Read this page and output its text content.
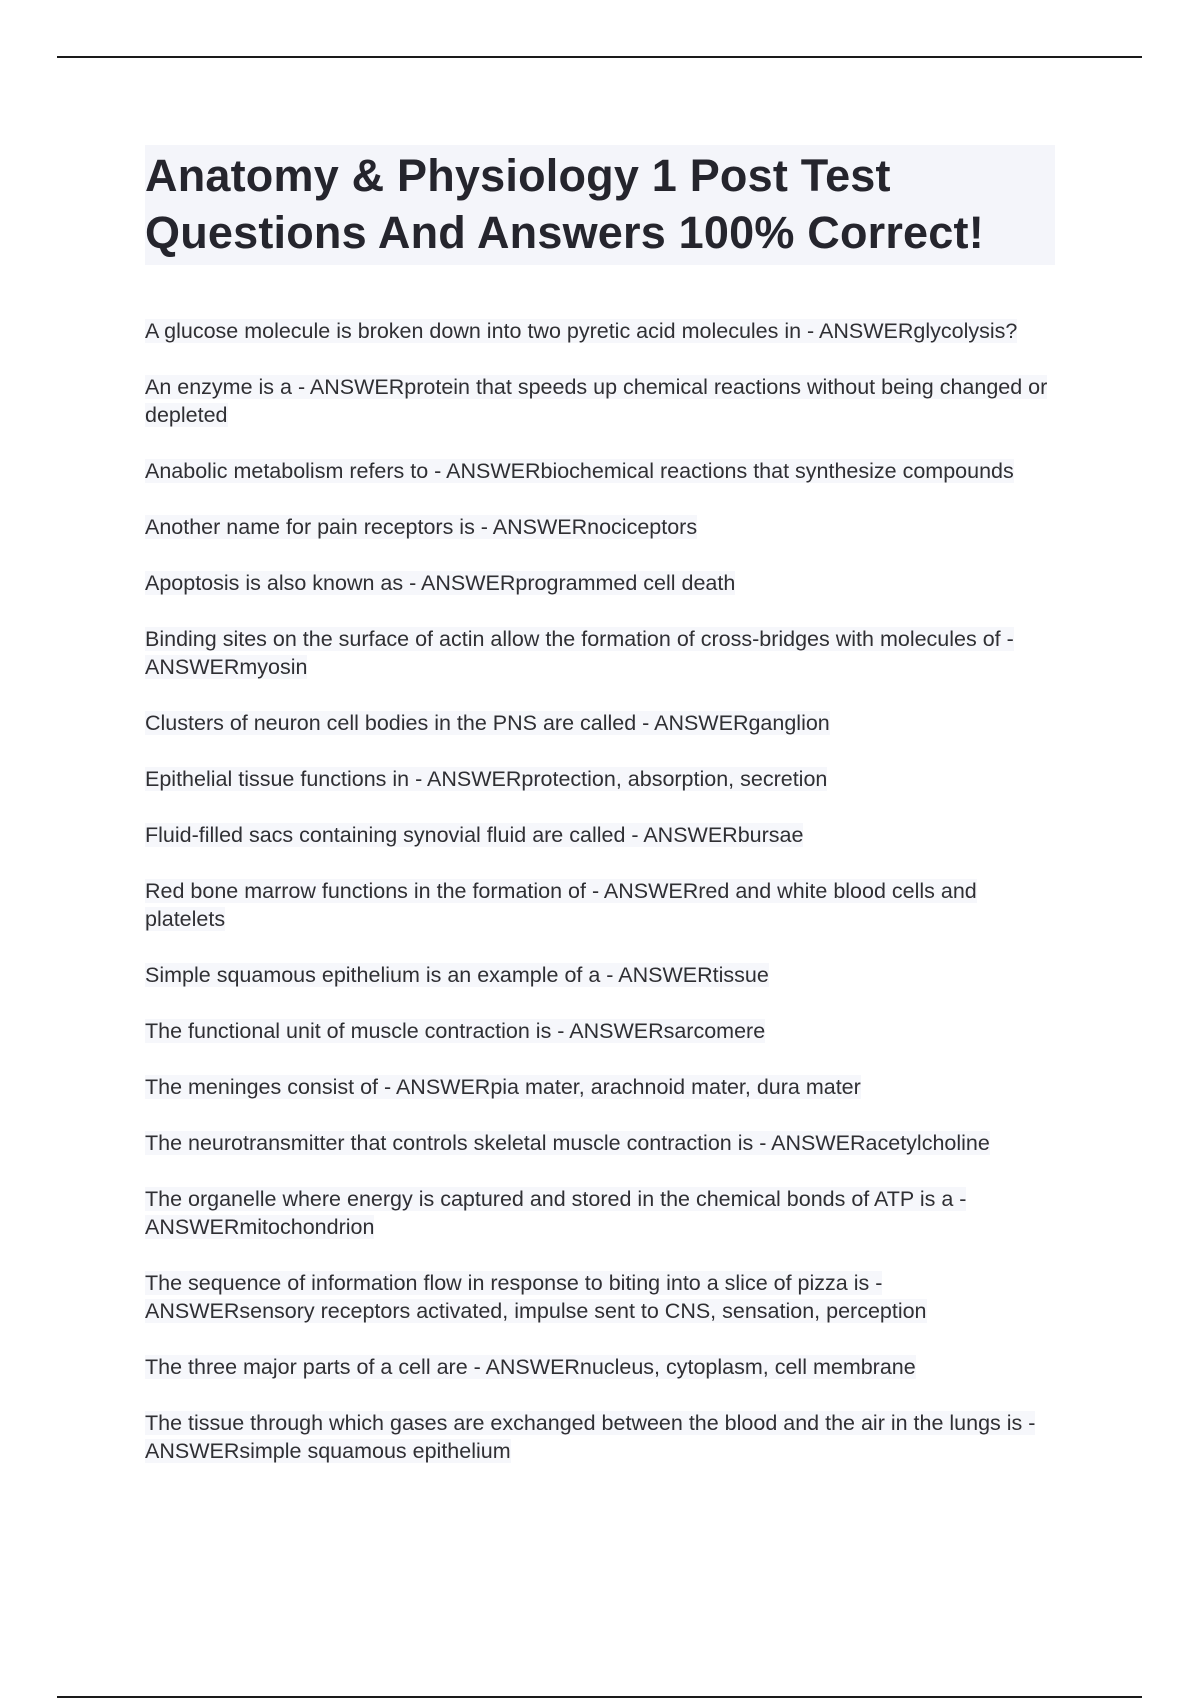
Anatomy & Physiology 1 Post Test Questions And Answers 100% Correct!
A glucose molecule is broken down into two pyretic acid molecules in - ANSWERglycolysis?
An enzyme is a - ANSWERprotein that speeds up chemical reactions without being changed or depleted
Anabolic metabolism refers to - ANSWERbiochemical reactions that synthesize compounds
Another name for pain receptors is - ANSWERnociceptors
Apoptosis is also known as - ANSWERprogrammed cell death
Binding sites on the surface of actin allow the formation of cross-bridges with molecules of - ANSWERmyosin
Clusters of neuron cell bodies in the PNS are called - ANSWERganglion
Epithelial tissue functions in - ANSWERprotection, absorption, secretion
Fluid-filled sacs containing synovial fluid are called - ANSWERbursae
Red bone marrow functions in the formation of - ANSWERred and white blood cells and platelets
Simple squamous epithelium is an example of a - ANSWERtissue
The functional unit of muscle contraction is - ANSWERsarcomere
The meninges consist of - ANSWERpia mater, arachnoid mater, dura mater
The neurotransmitter that controls skeletal muscle contraction is - ANSWERacetylcholine
The organelle where energy is captured and stored in the chemical bonds of ATP is a - ANSWERmitochondrion
The sequence of information flow in response to biting into a slice of pizza is - ANSWERsensory receptors activated, impulse sent to CNS, sensation, perception
The three major parts of a cell are - ANSWERnucleus, cytoplasm, cell membrane
The tissue through which gases are exchanged between the blood and the air in the lungs is - ANSWERsimple squamous epithelium
